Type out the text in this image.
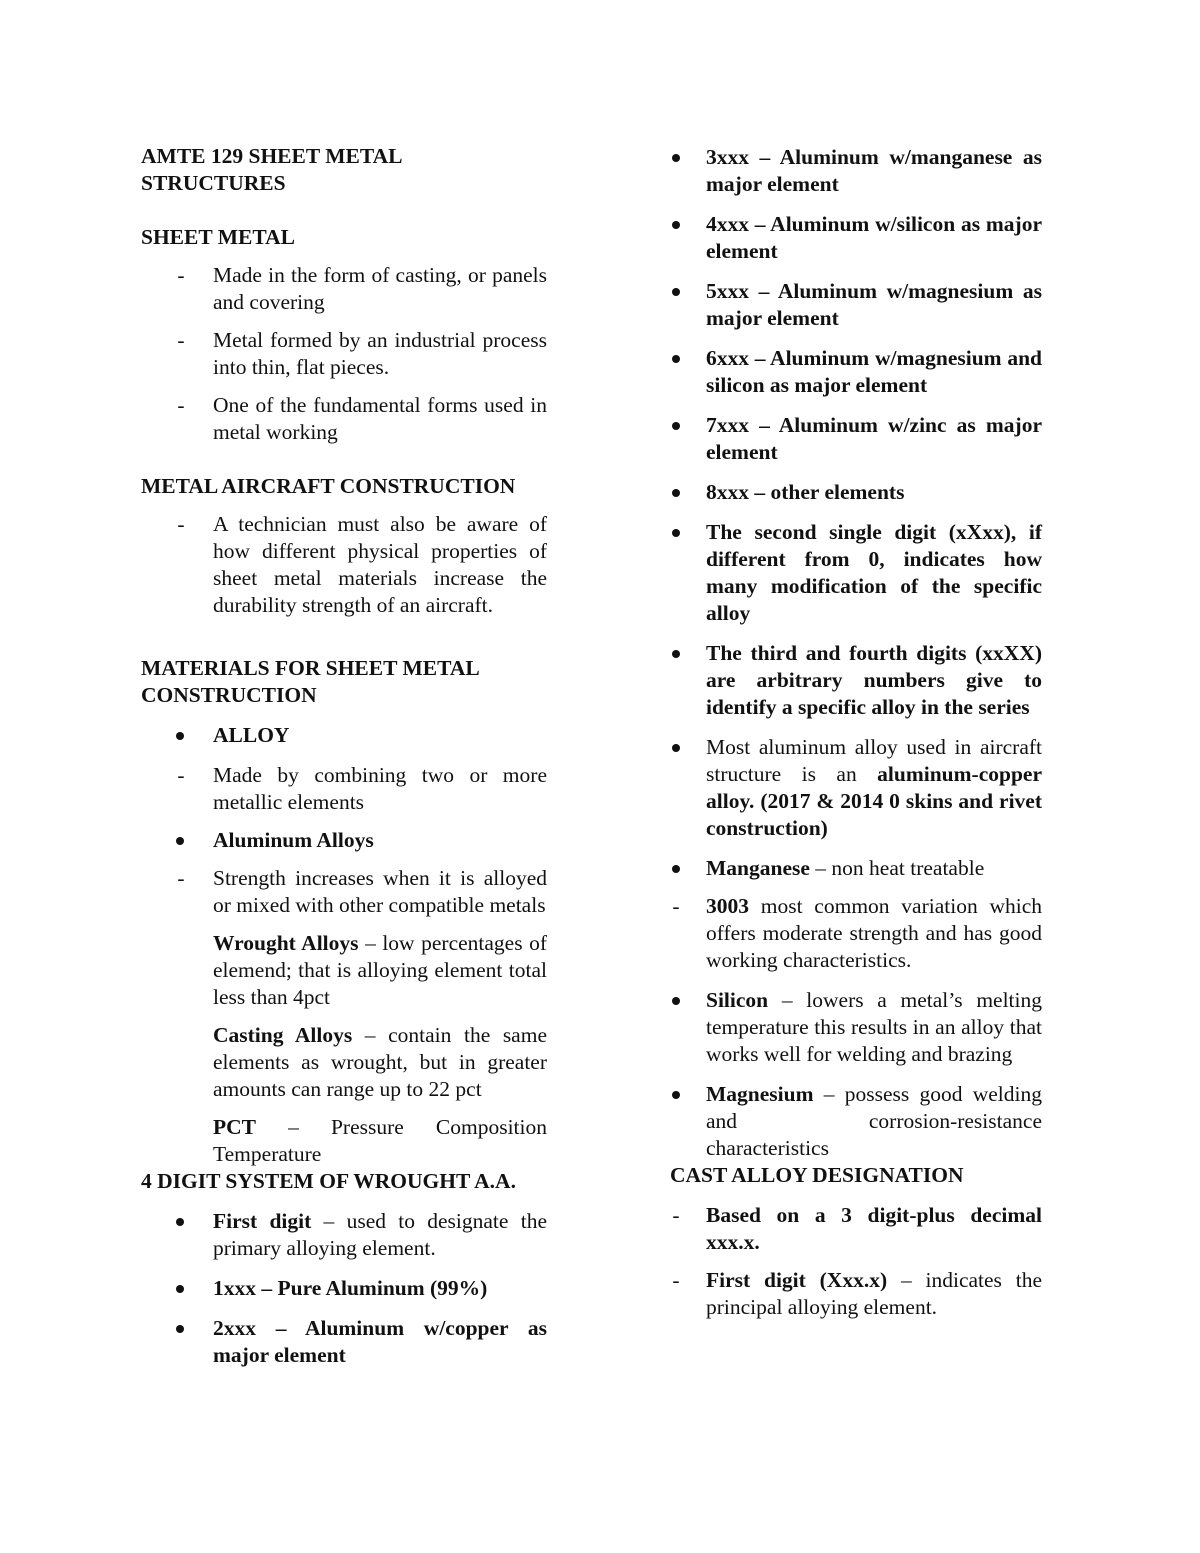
AMTE 129 SHEET METAL
STRUCTURES

SHEET METAL

- Made in the form of casting, or panels and covering
- Metal formed by an industrial process into thin, flat pieces.
- One of the fundamental forms used in metal working

METAL AIRCRAFT CONSTRUCTION

- A technician must also be aware of how different physical properties of sheet metal materials increase the durability strength of an aircraft.

MATERIALS FOR SHEET METAL
CONSTRUCTION

ALLOY
- Made by combining two or more metallic elements
Aluminum Alloys
- Strength increases when it is alloyed or mixed with other compatible metals
Wrought Alloys – low percentages of elemend; that is alloying element total less than 4pct
Casting Alloys – contain the same elements as wrought, but in greater amounts can range up to 22 pct
PCT – Pressure Composition Temperature

4 DIGIT SYSTEM OF WROUGHT A.A.

First digit – used to designate the primary alloying element.
1xxx – Pure Aluminum (99%)
2xxx – Aluminum w/copper as major element
3xxx – Aluminum w/manganese as major element
4xxx – Aluminum w/silicon as major element
5xxx – Aluminum w/magnesium as major element
6xxx – Aluminum w/magnesium and silicon as major element
7xxx – Aluminum w/zinc as major element
8xxx – other elements
The second single digit (xXxx), if different from 0, indicates how many modification of the specific alloy
The third and fourth digits (xxXX) are arbitrary numbers give to identify a specific alloy in the series
Most aluminum alloy used in aircraft structure is an aluminum-copper alloy. (2017 & 2014 0 skins and rivet construction)
Manganese – non heat treatable
- 3003 most common variation which offers moderate strength and has good working characteristics.
Silicon – lowers a metal’s melting temperature this results in an alloy that works well for welding and brazing
Magnesium – possess good welding and corrosion-resistance characteristics

CAST ALLOY DESIGNATION

- Based on a 3 digit-plus decimal xxx.x.
- First digit (Xxx.x) – indicates the principal alloying element.
